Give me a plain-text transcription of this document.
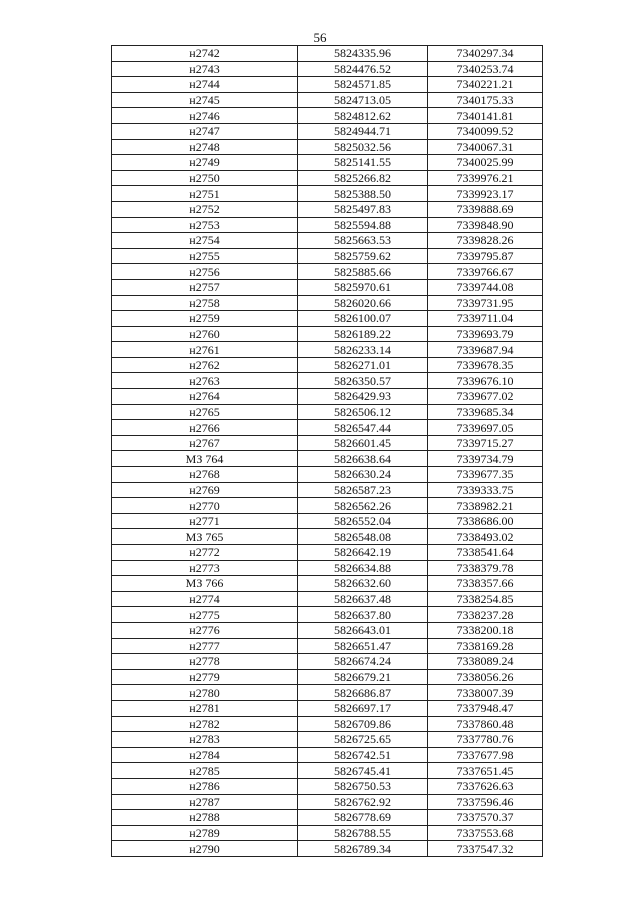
56
н2742	5824335.96	7340297.34
н2743	5824476.52	7340253.74
н2744	5824571.85	7340221.21
н2745	5824713.05	7340175.33
н2746	5824812.62	7340141.81
н2747	5824944.71	7340099.52
н2748	5825032.56	7340067.31
н2749	5825141.55	7340025.99
н2750	5825266.82	7339976.21
н2751	5825388.50	7339923.17
н2752	5825497.83	7339888.69
н2753	5825594.88	7339848.90
н2754	5825663.53	7339828.26
н2755	5825759.62	7339795.87
н2756	5825885.66	7339766.67
н2757	5825970.61	7339744.08
н2758	5826020.66	7339731.95
н2759	5826100.07	7339711.04
н2760	5826189.22	7339693.79
н2761	5826233.14	7339687.94
н2762	5826271.01	7339678.35
н2763	5826350.57	7339676.10
н2764	5826429.93	7339677.02
н2765	5826506.12	7339685.34
н2766	5826547.44	7339697.05
н2767	5826601.45	7339715.27
МЗ 764	5826638.64	7339734.79
н2768	5826630.24	7339677.35
н2769	5826587.23	7339333.75
н2770	5826562.26	7338982.21
н2771	5826552.04	7338686.00
МЗ 765	5826548.08	7338493.02
н2772	5826642.19	7338541.64
н2773	5826634.88	7338379.78
МЗ 766	5826632.60	7338357.66
н2774	5826637.48	7338254.85
н2775	5826637.80	7338237.28
н2776	5826643.01	7338200.18
н2777	5826651.47	7338169.28
н2778	5826674.24	7338089.24
н2779	5826679.21	7338056.26
н2780	5826686.87	7338007.39
н2781	5826697.17	7337948.47
н2782	5826709.86	7337860.48
н2783	5826725.65	7337780.76
н2784	5826742.51	7337677.98
н2785	5826745.41	7337651.45
н2786	5826750.53	7337626.63
н2787	5826762.92	7337596.46
н2788	5826778.69	7337570.37
н2789	5826788.55	7337553.68
н2790	5826789.34	7337547.32
